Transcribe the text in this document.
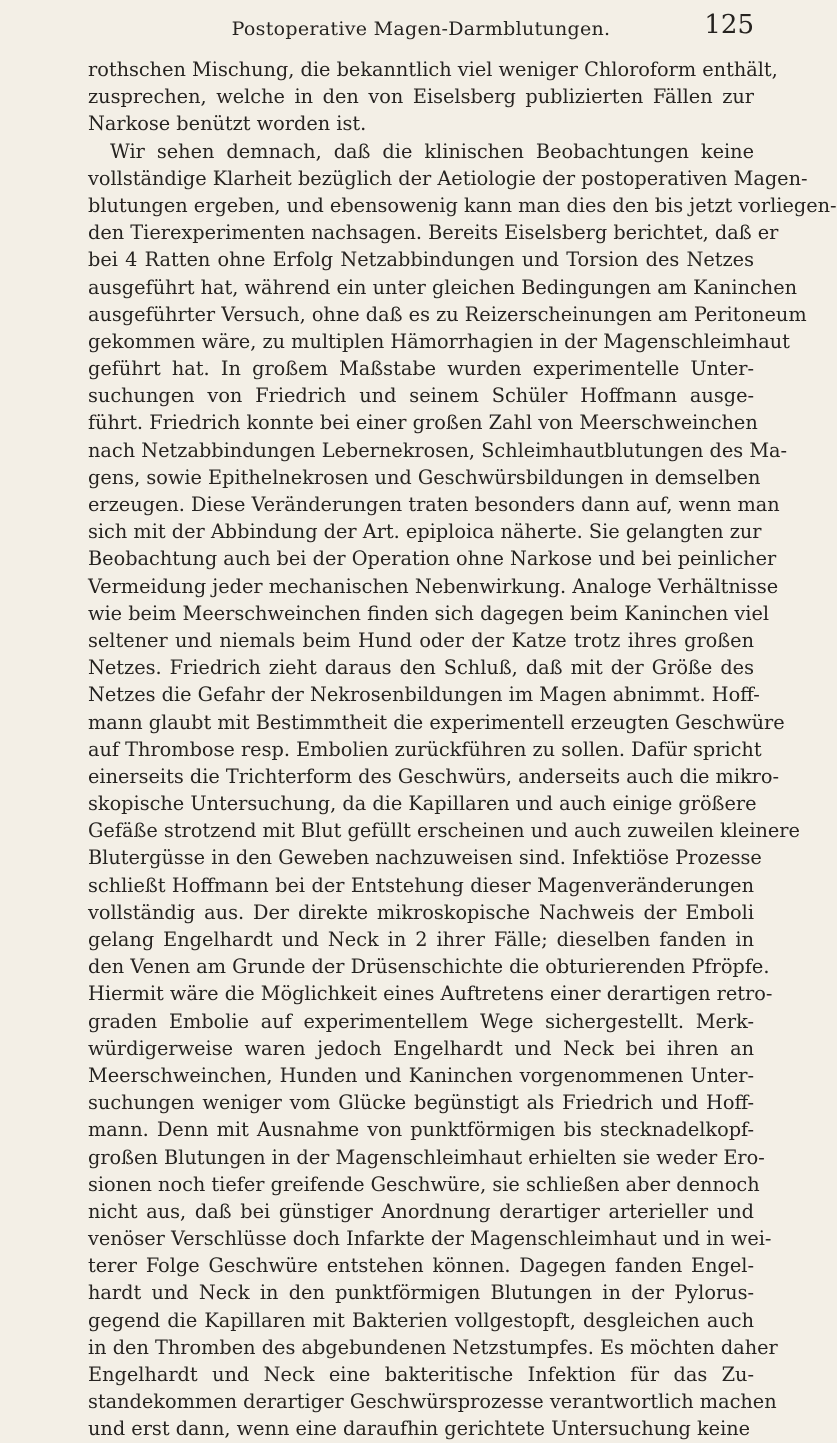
Postoperative Magen-Darmblutungen.	125
rothschen Mischung, die bekanntlich viel weniger Chloroform enthält,
zusprechen, welche in den von Eiselsberg publizierten Fällen zur
Narkose benützt worden ist.
Wir sehen demnach, daß die klinischen Beobachtungen keine
vollständige Klarheit bezüglich der Aetiologie der postoperativen Magen-
blutungen ergeben, und ebensowenig kann man dies den bis jetzt vorliegen-
den Tierexperimenten nachsagen. Bereits Eiselsberg berichtet, daß er
bei 4 Ratten ohne Erfolg Netzabbindungen und Torsion des Netzes
ausgeführt hat, während ein unter gleichen Bedingungen am Kaninchen
ausgeführter Versuch, ohne daß es zu Reizerscheinungen am Peritoneum
gekommen wäre, zu multiplen Hämorrhagien in der Magenschleimhaut
geführt hat. In großem Maßstabe wurden experimentelle Unter-
suchungen von Friedrich und seinem Schüler Hoffmann ausge-
führt. Friedrich konnte bei einer großen Zahl von Meerschweinchen
nach Netzabbindungen Lebernekrosen, Schleimhautblutungen des Ma-
gens, sowie Epithelnekrosen und Geschwürsbildungen in demselben
erzeugen. Diese Veränderungen traten besonders dann auf, wenn man
sich mit der Abbindung der Art. epiploica näherte. Sie gelangten zur
Beobachtung auch bei der Operation ohne Narkose und bei peinlicher
Vermeidung jeder mechanischen Nebenwirkung. Analoge Verhältnisse
wie beim Meerschweinchen finden sich dagegen beim Kaninchen viel
seltener und niemals beim Hund oder der Katze trotz ihres großen
Netzes. Friedrich zieht daraus den Schluß, daß mit der Größe des
Netzes die Gefahr der Nekrosenbildungen im Magen abnimmt. Hoff-
mann glaubt mit Bestimmtheit die experimentell erzeugten Geschwüre
auf Thrombose resp. Embolien zurückführen zu sollen. Dafür spricht
einerseits die Trichterform des Geschwürs, anderseits auch die mikro-
skopische Untersuchung, da die Kapillaren und auch einige größere
Gefäße strotzend mit Blut gefüllt erscheinen und auch zuweilen kleinere
Blutergüsse in den Geweben nachzuweisen sind. Infektiöse Prozesse
schließt Hoffmann bei der Entstehung dieser Magenveränderungen
vollständig aus. Der direkte mikroskopische Nachweis der Emboli
gelang Engelhardt und Neck in 2 ihrer Fälle; dieselben fanden in
den Venen am Grunde der Drüsenschichte die obturierenden Pfröpfe.
Hiermit wäre die Möglichkeit eines Auftretens einer derartigen retro-
graden Embolie auf experimentellem Wege sichergestellt. Merk-
würdigerweise waren jedoch Engelhardt und Neck bei ihren an
Meerschweinchen, Hunden und Kaninchen vorgenommenen Unter-
suchungen weniger vom Glücke begünstigt als Friedrich und Hoff-
mann. Denn mit Ausnahme von punktförmigen bis stecknadelkopf-
großen Blutungen in der Magenschleimhaut erhielten sie weder Ero-
sionen noch tiefer greifende Geschwüre, sie schließen aber dennoch
nicht aus, daß bei günstiger Anordnung derartiger arterieller und
venöser Verschlüsse doch Infarkte der Magenschleimhaut und in wei-
terer Folge Geschwüre entstehen können. Dagegen fanden Engel-
hardt und Neck in den punktförmigen Blutungen in der Pylorus-
gegend die Kapillaren mit Bakterien vollgestopft, desgleichen auch
in den Thromben des abgebundenen Netzstumpfes. Es möchten daher
Engelhardt und Neck eine bakteritische Infektion für das Zu-
standekommen derartiger Geschwürsprozesse verantwortlich machen
und erst dann, wenn eine daraufhin gerichtete Untersuchung keine
